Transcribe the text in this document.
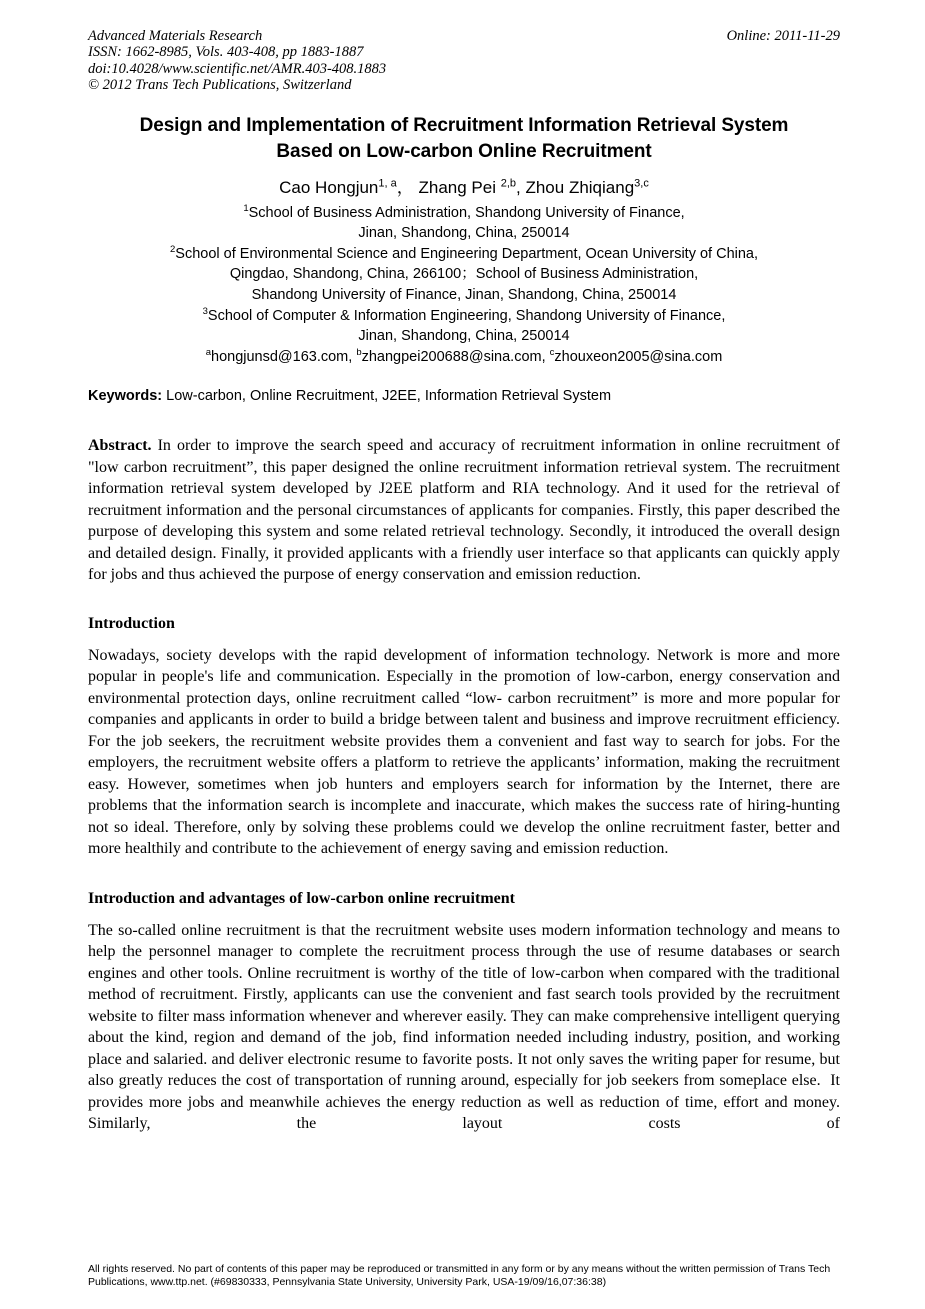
Advanced Materials Research
ISSN: 1662-8985, Vols. 403-408, pp 1883-1887
doi:10.4028/www.scientific.net/AMR.403-408.1883
© 2012 Trans Tech Publications, Switzerland
Online: 2011-11-29
Design and Implementation of Recruitment Information Retrieval System
Based on Low-carbon Online Recruitment
Cao Hongjun$^{1, a}$， Zhang Pei $^{2,b}$, Zhou Zhiqiang$^{3,c}$
$^1$School of Business Administration, Shandong University of Finance,
Jinan, Shandong, China, 250014
$^2$School of Environmental Science and Engineering Department, Ocean University of China,
Qingdao, Shandong, China, 266100；School of Business Administration,
Shandong University of Finance, Jinan, Shandong, China, 250014
$^3$School of Computer & Information Engineering, Shandong University of Finance,
Jinan, Shandong, China, 250014
$^a$hongjunsd@163.com, $^b$zhangpei200688@sina.com, $^c$zhouxeon2005@sina.com
Keywords: Low-carbon, Online Recruitment, J2EE, Information Retrieval System

Abstract. In order to improve the search speed and accuracy of recruitment information in online recruitment of "low carbon recruitment”, this paper designed the online recruitment information retrieval system. The recruitment information retrieval system developed by J2EE platform and RIA technology. And it used for the retrieval of recruitment information and the personal circumstances of applicants for companies. Firstly, this paper described the purpose of developing this system and some related retrieval technology. Secondly, it introduced the overall design and detailed design. Finally, it provided applicants with a friendly user interface so that applicants can quickly apply for jobs and thus achieved the purpose of energy conservation and emission reduction.

Introduction

Nowadays, society develops with the rapid development of information technology. Network is more and more popular in people's life and communication. Especially in the promotion of low-carbon, energy conservation and environmental protection days, online recruitment called “low- carbon recruitment” is more and more popular for companies and applicants in order to build a bridge between talent and business and improve recruitment efficiency. For the job seekers, the recruitment website provides them a convenient and fast way to search for jobs. For the employers, the recruitment website offers a platform to retrieve the applicants’ information, making the recruitment easy. However, sometimes when job hunters and employers search for information by the Internet, there are problems that the information search is incomplete and inaccurate, which makes the success rate of hiring-hunting not so ideal. Therefore, only by solving these problems could we develop the online recruitment faster, better and more healthily and contribute to the achievement of energy saving and emission reduction.

Introduction and advantages of low-carbon online recruitment

The so-called online recruitment is that the recruitment website uses modern information technology and means to help the personnel manager to complete the recruitment process through the use of resume databases or search engines and other tools. Online recruitment is worthy of the title of low-carbon when compared with the traditional method of recruitment. Firstly, applicants can use the convenient and fast search tools provided by the recruitment website to filter mass information whenever and wherever easily. They can make comprehensive intelligent querying about the kind, region and demand of the job, find information needed including industry, position, and working place and salaried. and deliver electronic resume to favorite posts. It not only saves the writing paper for resume, but also greatly reduces the cost of transportation of running around, especially for job seekers from someplace else.  It provides more jobs and meanwhile achieves the energy reduction as well as reduction of time, effort and money. Similarly, the layout costs of

All rights reserved. No part of contents of this paper may be reproduced or transmitted in any form or by any means without the written permission of Trans Tech Publications, www.ttp.net. (#69830333, Pennsylvania State University, University Park, USA-19/09/16,07:36:38)
